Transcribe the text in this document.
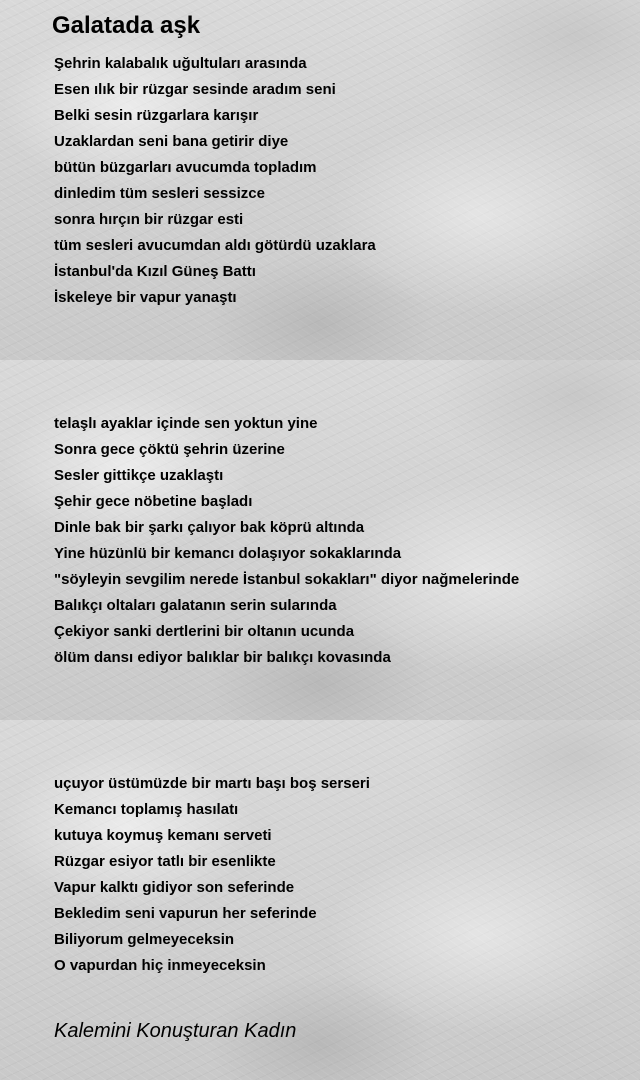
Galatada aşk
Şehrin kalabalık uğultuları arasında
Esen ılık bir rüzgar sesinde aradım seni
Belki sesin rüzgarlara karışır
Uzaklardan seni bana getirir diye
bütün büzgarları avucumda topladım
dinledim tüm sesleri sessizce
sonra hırçın bir rüzgar esti
tüm sesleri avucumdan aldı götürdü uzaklara
İstanbul'da Kızıl Güneş Battı
İskeleye bir vapur yanaştı
telaşlı ayaklar içinde sen yoktun yine
Sonra gece çöktü şehrin üzerine
Sesler gittikçe uzaklaştı
Şehir gece nöbetine başladı
Dinle bak bir şarkı çalıyor bak köprü altında
Yine hüzünlü bir kemancı dolaşıyor sokaklarında
"söyleyin sevgilim nerede İstanbul sokakları" diyor nağmelerinde
Balıkçı oltaları galatanın serin sularında
Çekiyor sanki dertlerini bir oltanın ucunda
ölüm dansı ediyor balıklar bir balıkçı kovasında
uçuyor üstümüzde bir martı başı boş serseri
Kemancı toplamış hasılatı
kutuya koymuş kemanı serveti
Rüzgar esiyor tatlı bir esenlikte
Vapur kalktı gidiyor son seferinde
Bekledim seni vapurun her seferinde
Biliyorum gelmeyeceksin
O vapurdan hiç inmeyeceksin

Kalemini Konuşturan Kadın
